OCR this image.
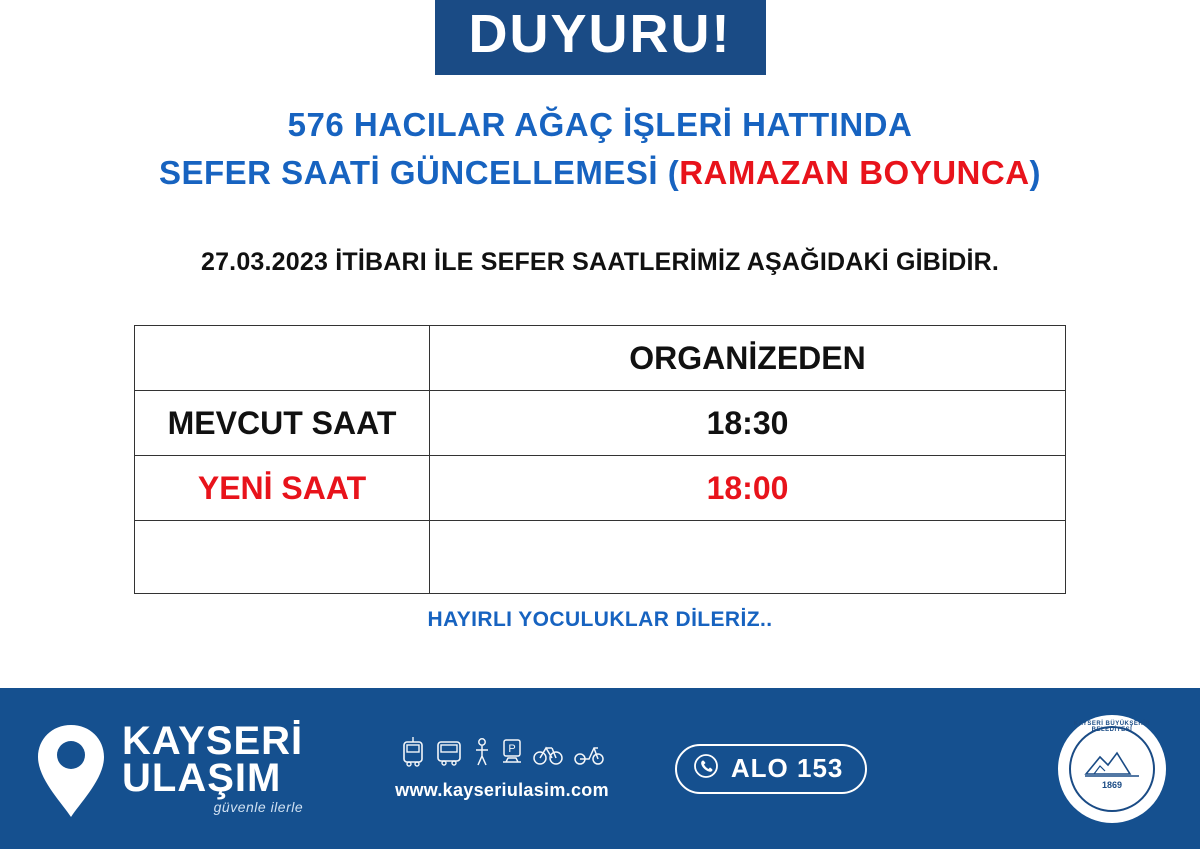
DUYURU!
576 HACILAR AĞAÇ İŞLERİ HATTINDA
SEFER SAATİ GÜNCELLEMESİ (RAMAZAN BOYUNCA)
27.03.2023 İTİBARI İLE SEFER SAATLERİMİZ AŞAĞIDAKİ GİBİDİR.
	ORGANİZEDEN
MEVCUT SAAT	18:30
YENİ SAAT	18:00

HAYIRLI YOCULUKLAR DİLERİZ..
KAYSERİ
ULAŞIM
güvenle ilerle
P
www.kayseriulasim.com
ALO 153
KAYSERİ BÜYÜKŞEHİR BELEDİYESİ
1869
